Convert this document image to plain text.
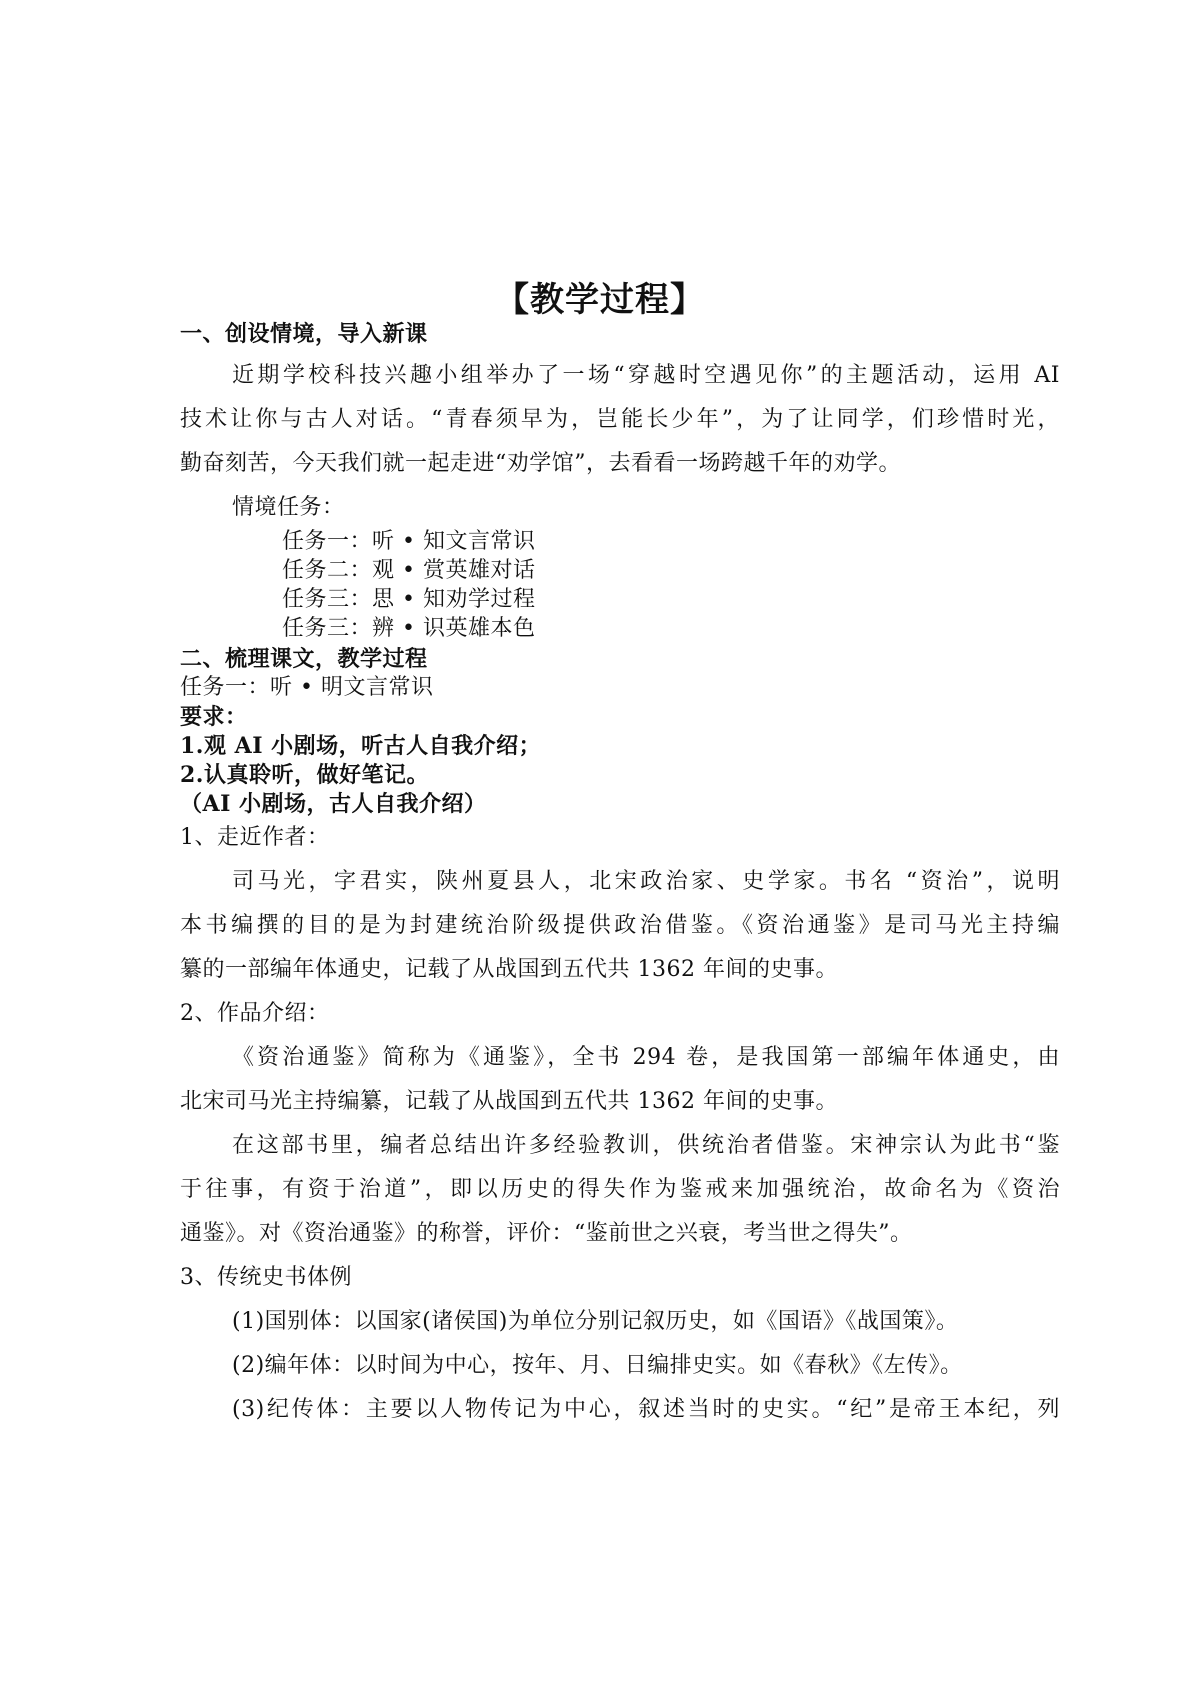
【教学过程】
一、创设情境，导入新课
近期学校科技兴趣小组举办了一场“穿越时空遇见你”的主题活动，运用 AI
技术让你与古人对话。“青春须早为，岂能长少年”，为了让同学，们珍惜时光，
勤奋刻苦，今天我们就一起走进“劝学馆”，去看看一场跨越千年的劝学。
情境任务：
任务一：听 • 知文言常识
任务二：观 • 赏英雄对话
任务三：思 • 知劝学过程
任务三：辨 • 识英雄本色
二、梳理课文，教学过程
任务一：听 • 明文言常识
要求：
1.观 AI 小剧场，听古人自我介绍；
2.认真聆听，做好笔记。
（AI 小剧场，古人自我介绍）
1、走近作者：
司马光，字君实，陕州夏县人，北宋政治家、史学家。书名 “资治”，说明
本书编撰的目的是为封建统治阶级提供政治借鉴。《资治通鉴》是司马光主持编
纂的一部编年体通史，记载了从战国到五代共 1362 年间的史事。
2、作品介绍：
《资治通鉴》简称为《通鉴》，全书 294 卷，是我国第一部编年体通史，由
北宋司马光主持编纂，记载了从战国到五代共 1362 年间的史事。
在这部书里，编者总结出许多经验教训，供统治者借鉴。宋神宗认为此书“鉴
于往事，有资于治道”，即以历史的得失作为鉴戒来加强统治，故命名为《资治
通鉴》。对《资治通鉴》的称誉，评价：“鉴前世之兴衰，考当世之得失”。
3、传统史书体例
(1)国别体：以国家(诸侯国)为单位分别记叙历史，如《国语》《战国策》。
(2)编年体：以时间为中心，按年、月、日编排史实。如《春秋》《左传》。
(3)纪传体：主要以人物传记为中心，叙述当时的史实。“纪”是帝王本纪，列
